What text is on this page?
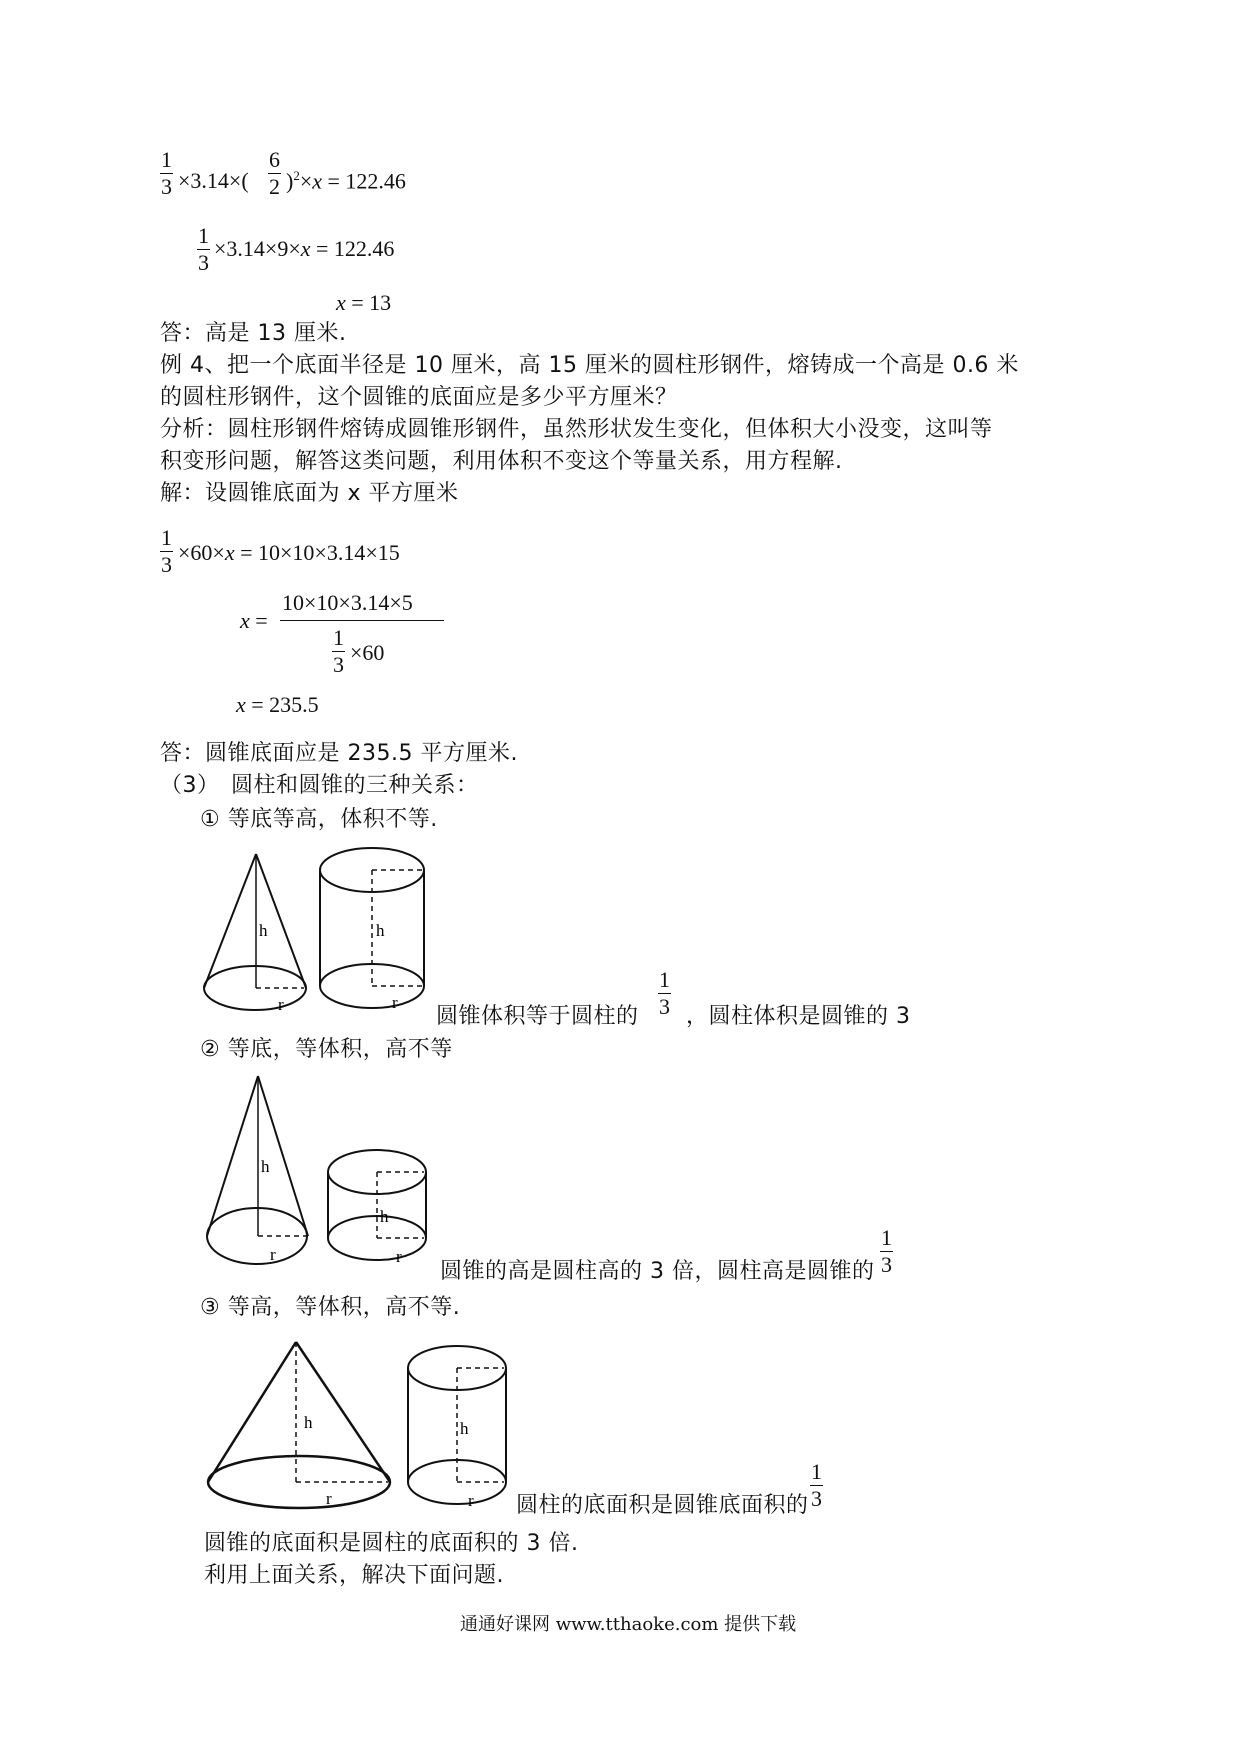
1
3 ×3.14×(
6
2 )$^2$×x = 122.46
1
3
×3.14×9×x = 122.46
x = 13
答：高是 13 厘米.
例 4、把一个底面半径是 10 厘米，高 15 厘米的圆柱形钢件，熔铸成一个高是 0.6 米
的圆柱形钢件，这个圆锥的底面应是多少平方厘米？
分析：圆柱形钢件熔铸成圆锥形钢件，虽然形状发生变化，但体积大小没变，这叫等
积变形问题，解答这类问题，利用体积不变这个等量关系，用方程解.
解：设圆锥底面为 x 平方厘米
1
3 ×60×x = 10×10×3.14×15
x =
10×10×3.14×5
1
3 ×60
x = 235.5
答：圆锥底面应是 235.5 平方厘米.
（3）　圆柱和圆锥的三种关系：
① 等底等高，体积不等.
h
r
h
r
圆锥体积等于圆柱的
1
3 ，圆柱体积是圆锥的 3
② 等底，等体积，高不等
h
r
h
r
圆锥的高是圆柱高的 3 倍，圆柱高是圆锥的
1
3
③ 等高，等体积，高不等.
h
r
h
r 圆柱的底面积是圆锥底面积的
1
3
圆锥的底面积是圆柱的底面积的 3 倍.
利用上面关系，解决下面问题.
通通好课网 www.tthaoke.com 提供下载
